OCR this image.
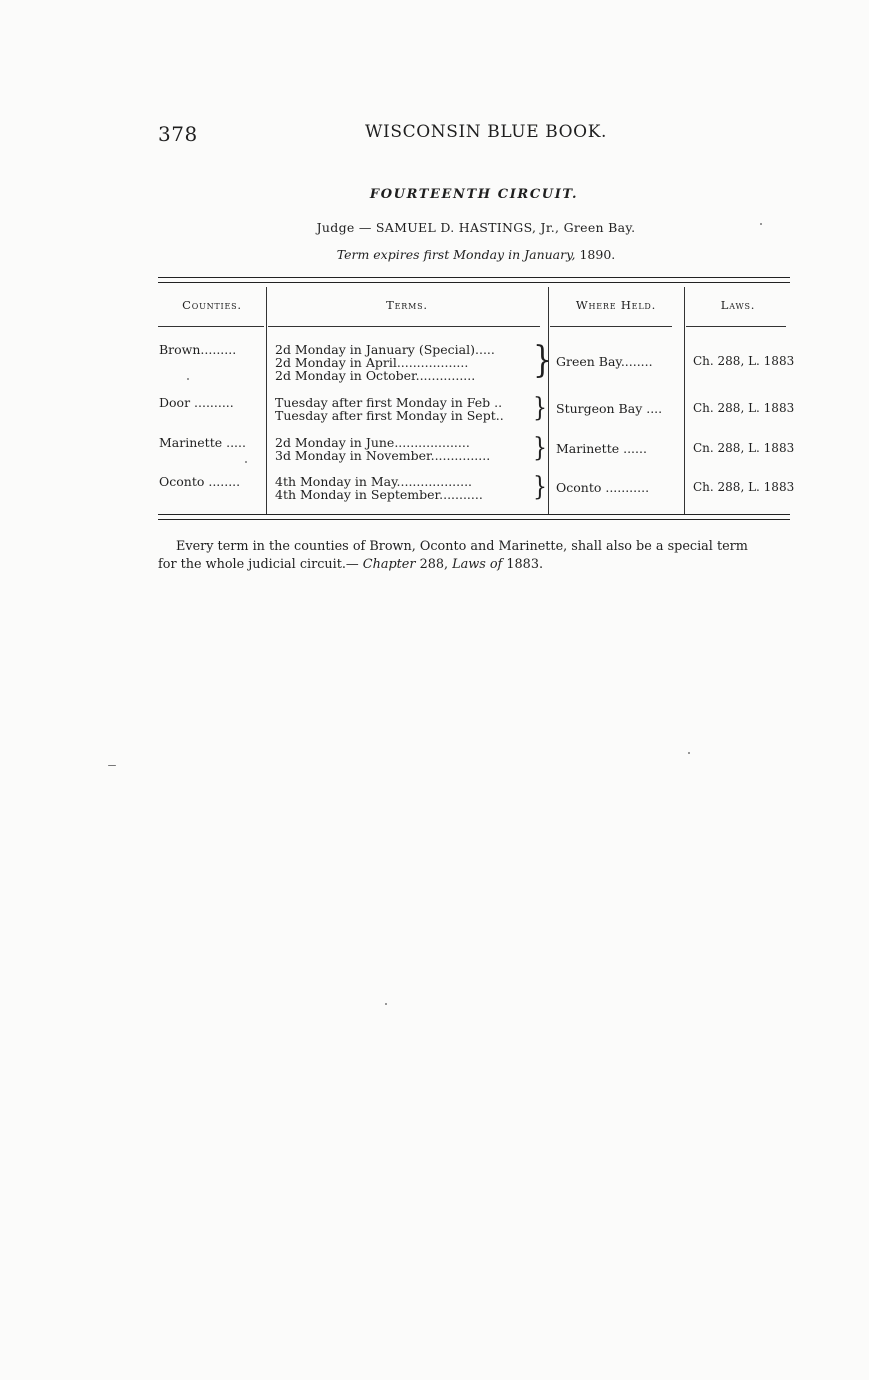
378	WISCONSIN BLUE BOOK.
FOURTEENTH CIRCUIT.
Judge — SAMUEL D. HASTINGS, Jr., Green Bay.
Term expires first Monday in January, 1890.
Counties.	Terms.	Where Held.	Laws.
Brown.........	2d Monday in January (Special).....
2d Monday in April..................
2d Monday in October............... } Green Bay........	Ch. 288, L. 1883
Door ..........	Tuesday after first Monday in Feb ..
Tuesday after first Monday in Sept.. } Sturgeon Bay ....	Ch. 288, L. 1883
Marinette ..... 2d Monday in June...................
3d Monday in November............... } Marinette ......	Cn. 288, L. 1883
Oconto ........	4th Monday in May...................
4th Monday in September........... } Oconto ...........	Ch. 288, L. 1883
Every term in the counties of Brown, Oconto and Marinette, shall also be a special term
for the whole judicial circuit.— Chapter 288, Laws of 1883.
